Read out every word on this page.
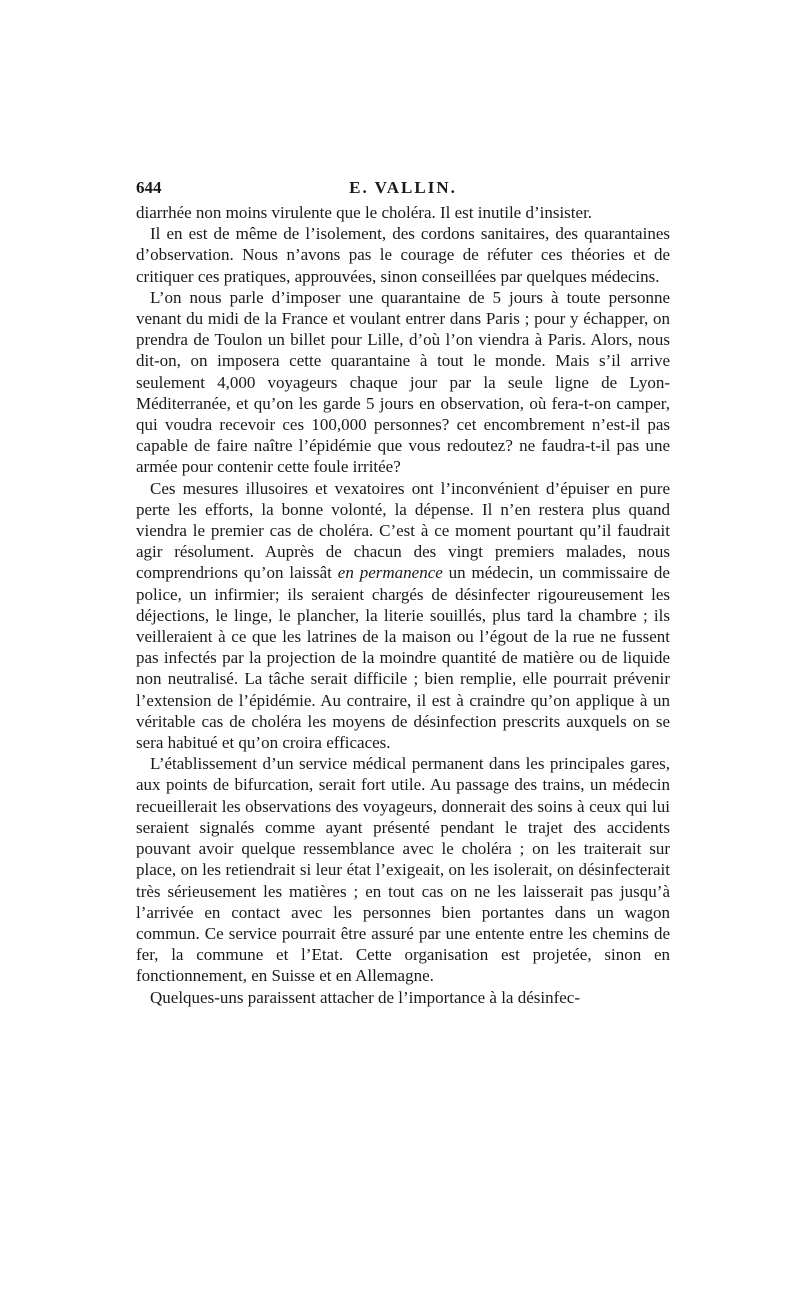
644	E. VALLIN.

diarrhée non moins virulente que le choléra. Il est inutile d’insister.

Il en est de même de l’isolement, des cordons sanitaires, des quarantaines d’observation. Nous n’avons pas le courage de réfuter ces théories et de critiquer ces pratiques, approuvées, sinon conseillées par quelques médecins.

L’on nous parle d’imposer une quarantaine de 5 jours à toute personne venant du midi de la France et voulant entrer dans Paris ; pour y échapper, on prendra de Toulon un billet pour Lille, d’où l’on viendra à Paris. Alors, nous dit-on, on imposera cette quarantaine à tout le monde. Mais s’il arrive seulement 4,000 voyageurs chaque jour par la seule ligne de Lyon-Méditerranée, et qu’on les garde 5 jours en observation, où fera-t-on camper, qui voudra recevoir ces 100,000 personnes? cet encombrement n’est-il pas capable de faire naître l’épidémie que vous redoutez? ne faudra-t-il pas une armée pour contenir cette foule irritée?

Ces mesures illusoires et vexatoires ont l’inconvénient d’épuiser en pure perte les efforts, la bonne volonté, la dépense. Il n’en restera plus quand viendra le premier cas de choléra. C’est à ce moment pourtant qu’il faudrait agir résolument. Auprès de chacun des vingt premiers malades, nous comprendrions qu’on laissât en permanence un médecin, un commissaire de police, un infirmier; ils seraient chargés de désinfecter rigoureusement les déjections, le linge, le plancher, la literie souillés, plus tard la chambre ; ils veilleraient à ce que les latrines de la maison ou l’égout de la rue ne fussent pas infectés par la projection de la moindre quantité de matière ou de liquide non neutralisé. La tâche serait difficile ; bien remplie, elle pourrait prévenir l’extension de l’épidémie. Au contraire, il est à craindre qu’on applique à un véritable cas de choléra les moyens de désinfection prescrits auxquels on se sera habitué et qu’on croira efficaces.

L’établissement d’un service médical permanent dans les principales gares, aux points de bifurcation, serait fort utile. Au passage des trains, un médecin recueillerait les observations des voyageurs, donnerait des soins à ceux qui lui seraient signalés comme ayant présenté pendant le trajet des accidents pouvant avoir quelque ressemblance avec le choléra ; on les traiterait sur place, on les retiendrait si leur état l’exigeait, on les isolerait, on désinfecterait très sérieusement les matières ; en tout cas on ne les laisserait pas jusqu’à l’arrivée en contact avec les personnes bien portantes dans un wagon commun. Ce service pourrait être assuré par une entente entre les chemins de fer, la commune et l’Etat. Cette organisation est projetée, sinon en fonctionnement, en Suisse et en Allemagne.

Quelques-uns paraissent attacher de l’importance à la désinfec-
